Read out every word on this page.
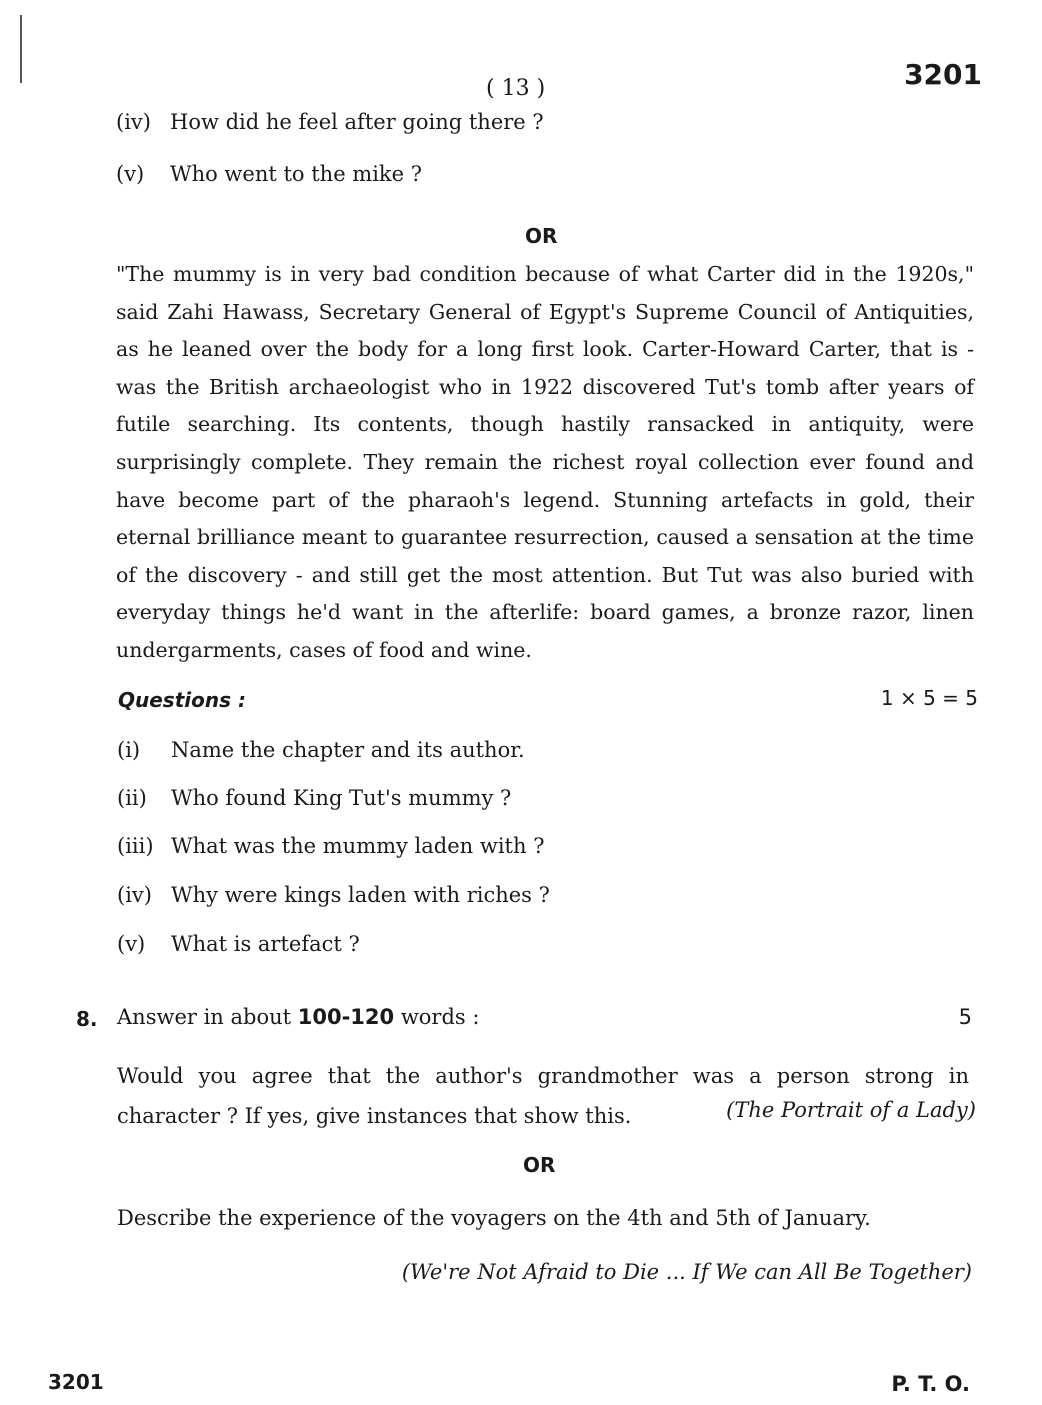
( 13 )	3201
(iv) How did he feel after going there ?
(v) Who went to the mike ?
OR
"The mummy is in very bad condition because of what Carter did in the 1920s," said Zahi Hawass, Secretary General of Egypt's Supreme Council of Antiquities, as he leaned over the body for a long first look. Carter-Howard Carter, that is - was the British archaeologist who in 1922 discovered Tut's tomb after years of futile searching. Its contents, though hastily ransacked in antiquity, were surprisingly complete. They remain the richest royal collection ever found and have become part of the pharaoh's legend. Stunning artefacts in gold, their eternal brilliance meant to guarantee resurrection, caused a sensation at the time of the discovery - and still get the most attention. But Tut was also buried with everyday things he'd want in the afterlife: board games, a bronze razor, linen undergarments, cases of food and wine.
Questions :	1 × 5 = 5
(i) Name the chapter and its author.
(ii) Who found King Tut's mummy ?
(iii) What was the mummy laden with ?
(iv) Why were kings laden with riches ?
(v) What is artefact ?
8. Answer in about 100-120 words :	5
Would you agree that the author's grandmother was a person strong in character ? If yes, give instances that show this.	(The Portrait of a Lady)
OR
Describe the experience of the voyagers on the 4th and 5th of January.
(We're Not Afraid to Die ... If We can All Be Together)
3201	P. T. O.
